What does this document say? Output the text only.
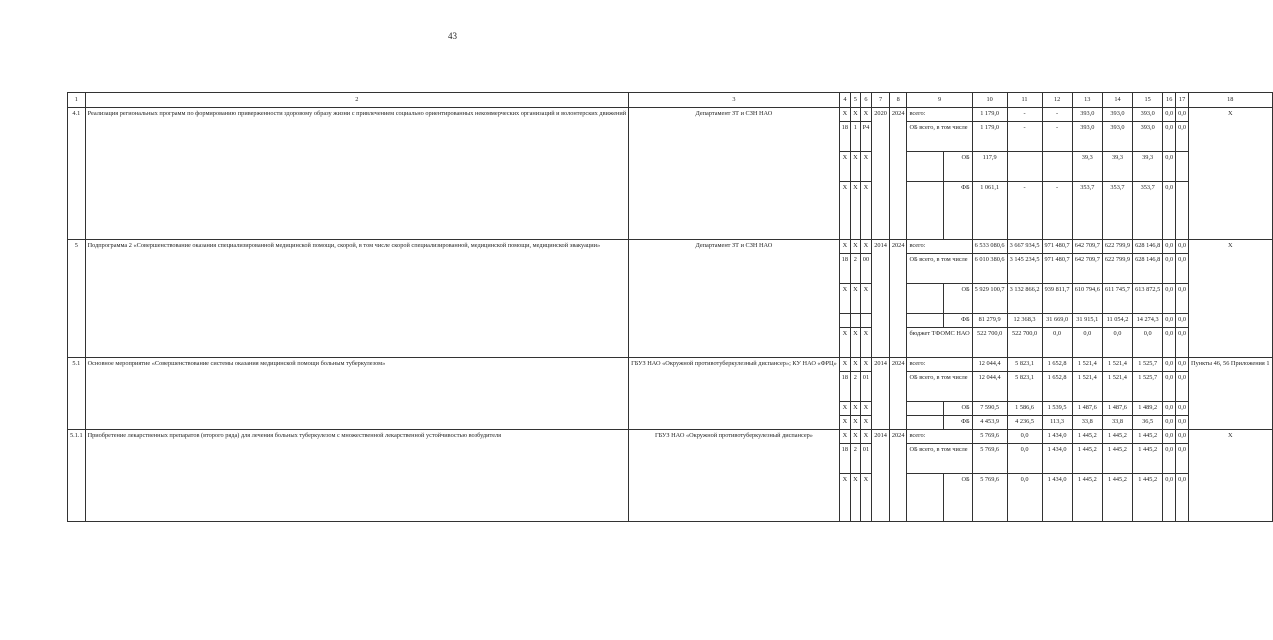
43
1	2	3	4	5	6	7	8	9		10	11	12	13	14	15	16	17	18
4.1	Реализация региональных программ по формированию приверженности здоровому образу жизни с привлечением социально ориентированных некоммерческих организаций и волонтерских движений	Департамент ЗТ и СЗН НАО	Х	Х	Х	2020	2024	всего:		1 179,0	-	-	393,0	393,0	393,0	0,0	0,0	Х
			18	1	Р4			ОБ всего, в том числе		1 179,0	-	-	393,0	393,0	393,0	0,0	0,0	
			Х	Х	Х				ОБ	117,9			39,3	39,3	39,3	0,0		
			Х	Х	Х				ФБ	1 061,1	-	-	353,7	353,7	353,7	0,0		
5	Подпрограмма 2 «Совершенствование оказания специализированной медицинской помощи, скорой, в том числе скорой специализированной, медицинской помощи, медицинской эвакуации»	Департамент ЗТ и СЗН НАО	Х	Х	Х	2014	2024	всего:		6 533 080,6	3 667 934,5	971 480,7	642 709,7	622 799,9	628 146,8	0,0	0,0	Х
			18	2	00			ОБ всего, в том числе		6 010 380,6	3 145 234,5	971 480,7	642 709,7	622 799,9	628 146,8	0,0	0,0	
			Х	Х	Х				ОБ	5 929 100,7	3 132 866,2	939 811,7	610 794,6	611 745,7	613 872,5	0,0	0,0	
									ФБ	81 279,9	12 368,3	31 669,0	31 915,1	11 054,2	14 274,3	0,0	0,0	
			Х	Х	Х			бюджет ТФОМС НАО		522 700,0	522 700,0	0,0	0,0	0,0	0,0	0,0	0,0	
5.1	Основное мероприятие «Совершенствование системы оказания медицинской помощи больным туберкулезом»	ГБУЗ НАО «Окружной противотуберкулезный диспансер»; КУ НАО «ФРЦ»	Х	Х	Х	2014	2024	всего:		12 044,4	5 823,1	1 652,8	1 521,4	1 521,4	1 525,7	0,0	0,0	Пункты 46, 56 Приложения 1
			18	2	01			ОБ всего, в том числе		12 044,4	5 823,1	1 652,8	1 521,4	1 521,4	1 525,7	0,0	0,0	
			Х	Х	Х				ОБ	7 590,5	1 586,6	1 539,5	1 487,6	1 487,6	1 489,2	0,0	0,0	
			Х	Х	Х				ФБ	4 453,9	4 236,5	113,3	33,8	33,8	36,5	0,0	0,0	
5.1.1	Приобретение лекарственных препаратов (второго ряда) для лечения больных туберкулезом с множественной лекарственной устойчивостью возбудителя	ГБУЗ НАО «Окружной противотуберкулезный диспансер»	Х	Х	Х	2014	2024	всего:		5 769,6	0,0	1 434,0	1 445,2	1 445,2	1 445,2	0,0	0,0	Х
			18	2	01			ОБ всего, в том числе		5 769,6	0,0	1 434,0	1 445,2	1 445,2	1 445,2	0,0	0,0	
			Х	Х	Х				ОБ	5 769,6	0,0	1 434,0	1 445,2	1 445,2	1 445,2	0,0	0,0	
